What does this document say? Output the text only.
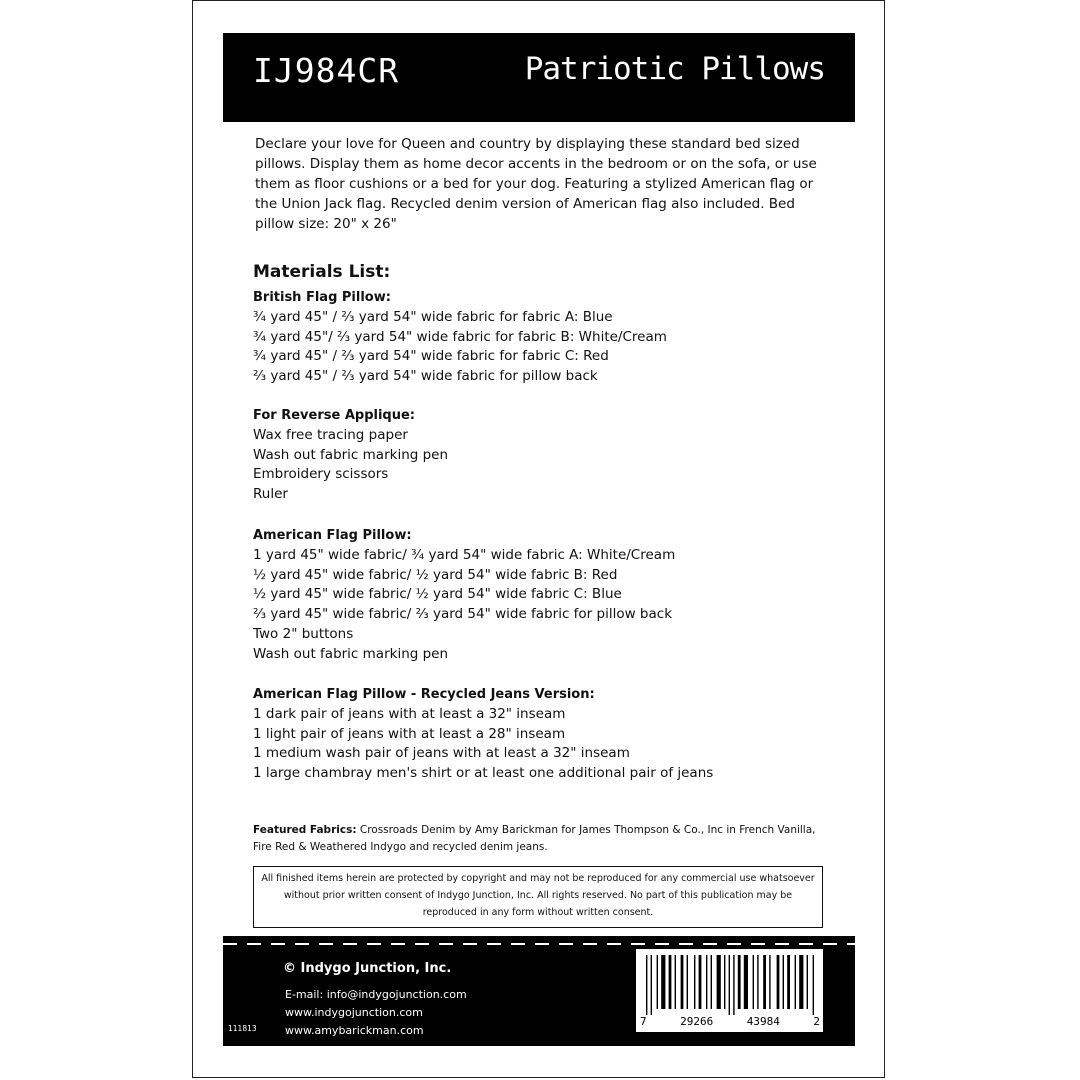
IJ984CR	Patriotic Pillows
Declare your love for Queen and country by displaying these standard bed sized pillows. Display them as home decor accents in the bedroom or on the sofa, or use them as floor cushions or a bed for your dog. Featuring a stylized American flag or the Union Jack flag. Recycled denim version of American flag also included. Bed pillow size: 20" x 26"
Materials List:
British Flag Pillow:
¾ yard 45" / ⅔ yard 54" wide fabric for fabric A: Blue
¾ yard 45"/ ⅔ yard 54" wide fabric for fabric B: White/Cream
¾ yard 45" / ⅔ yard 54" wide fabric for fabric C: Red
⅔ yard 45" / ⅔ yard 54" wide fabric for pillow back
For Reverse Applique:
Wax free tracing paper
Wash out fabric marking pen
Embroidery scissors
Ruler
American Flag Pillow:
1 yard 45" wide fabric/ ¾ yard 54" wide fabric A: White/Cream
½ yard 45" wide fabric/ ½ yard 54" wide fabric B: Red
½ yard 45" wide fabric/ ½ yard 54" wide fabric C: Blue
⅔ yard 45" wide fabric/ ⅔ yard 54" wide fabric for pillow back
Two 2" buttons
Wash out fabric marking pen
American Flag Pillow - Recycled Jeans Version:
1 dark pair of jeans with at least a 32" inseam
1 light pair of jeans with at least a 28" inseam
1 medium wash pair of jeans with at least a 32" inseam
1 large chambray men's shirt or at least one additional pair of jeans
Featured Fabrics: Crossroads Denim by Amy Barickman for James Thompson & Co., Inc in French Vanilla, Fire Red & Weathered Indygo and recycled denim jeans.
All finished items herein are protected by copyright and may not be reproduced for any commercial use whatsoever without prior written consent of Indygo Junction, Inc. All rights reserved. No part of this publication may be reproduced in any form without written consent.
© Indygo Junction, Inc.
E-mail: info@indygojunction.com
www.indygojunction.com
www.amybarickman.com
111813
7	29266	43984	2
